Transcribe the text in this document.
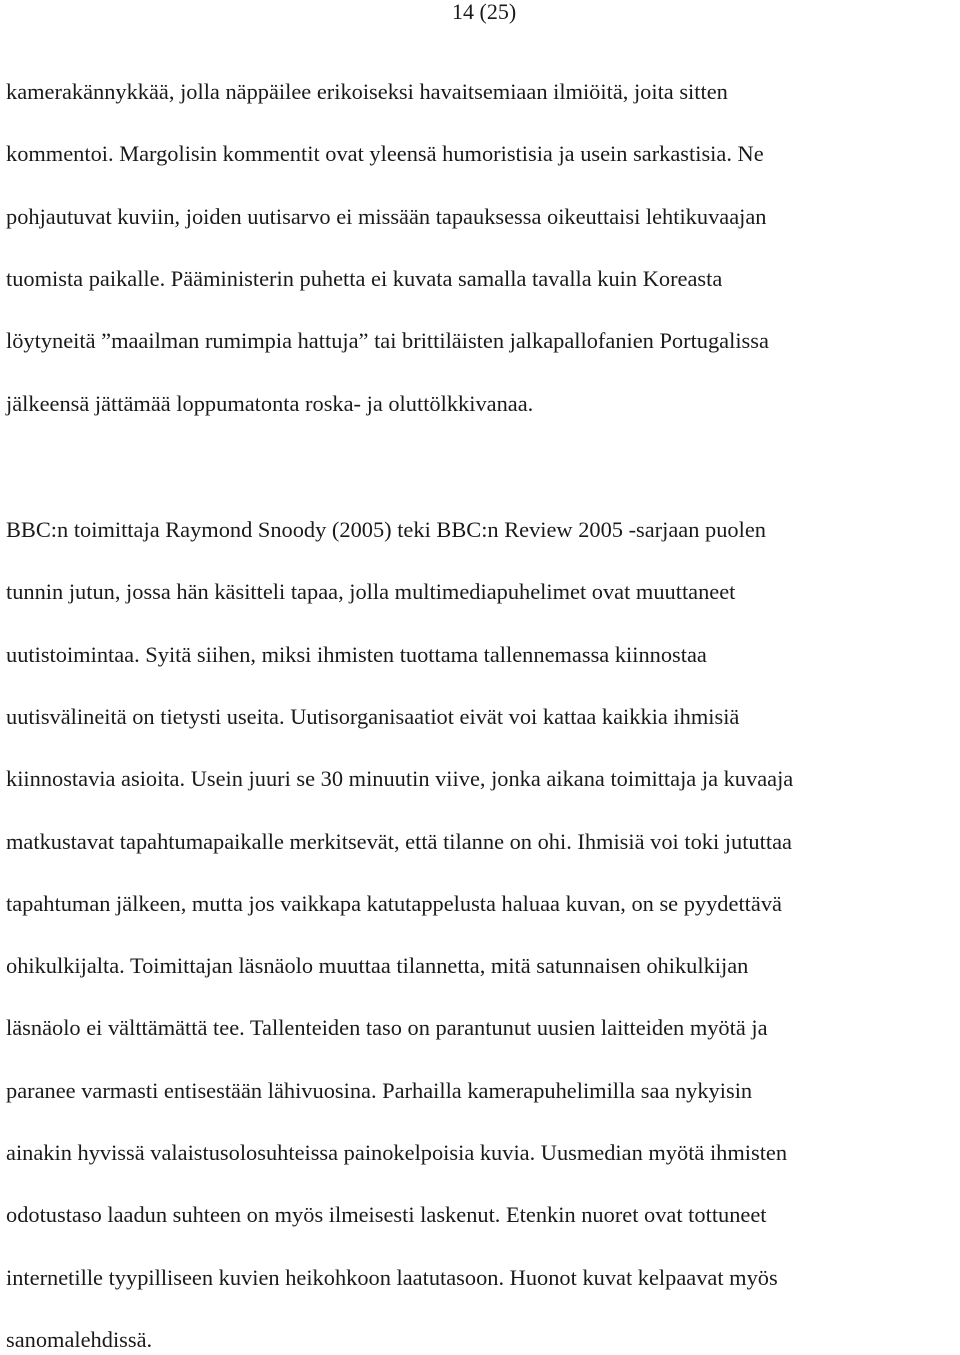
14 (25)
kamerakännykkää, jolla näppäilee erikoiseksi havaitsemiaan ilmiöitä, joita sitten
kommentoi. Margolisin kommentit ovat yleensä humoristisia ja usein sarkastisia. Ne
pohjautuvat kuviin, joiden uutisarvo ei missään tapauksessa oikeuttaisi lehtikuvaajan
tuomista paikalle. Pääministerin puhetta ei kuvata samalla tavalla kuin Koreasta
löytyneitä ”maailman rumimpia hattuja” tai brittiläisten jalkapallofanien Portugalissa
jälkeensä jättämää loppumatonta roska- ja oluttölkkivanaa.
BBC:n toimittaja Raymond Snoody (2005) teki BBC:n Review 2005 -sarjaan puolen
tunnin jutun, jossa hän käsitteli tapaa, jolla multimediapuhelimet ovat muuttaneet
uutistoimintaa. Syitä siihen, miksi ihmisten tuottama tallennemassa kiinnostaa
uutisvälineitä on tietysti useita. Uutisorganisaatiot eivät voi kattaa kaikkia ihmisiä
kiinnostavia asioita. Usein juuri se 30 minuutin viive, jonka aikana toimittaja ja kuvaaja
matkustavat tapahtumapaikalle merkitsevät, että tilanne on ohi. Ihmisiä voi toki jututtaa
tapahtuman jälkeen, mutta jos vaikkapa katutappelusta haluaa kuvan, on se pyydettävä
ohikulkijalta. Toimittajan läsnäolo muuttaa tilannetta, mitä satunnaisen ohikulkijan
läsnäolo ei välttämättä tee. Tallenteiden taso on parantunut uusien laitteiden myötä ja
paranee varmasti entisestään lähivuosina. Parhailla kamerapuhelimilla saa nykyisin
ainakin hyvissä valaistusolosuhteissa painokelpoisia kuvia. Uusmedian myötä ihmisten
odotustaso laadun suhteen on myös ilmeisesti laskenut. Etenkin nuoret ovat tottuneet
internetille tyypilliseen kuvien heikohkoon laatutasoon. Huonot kuvat kelpaavat myös
sanomalehdissä.
